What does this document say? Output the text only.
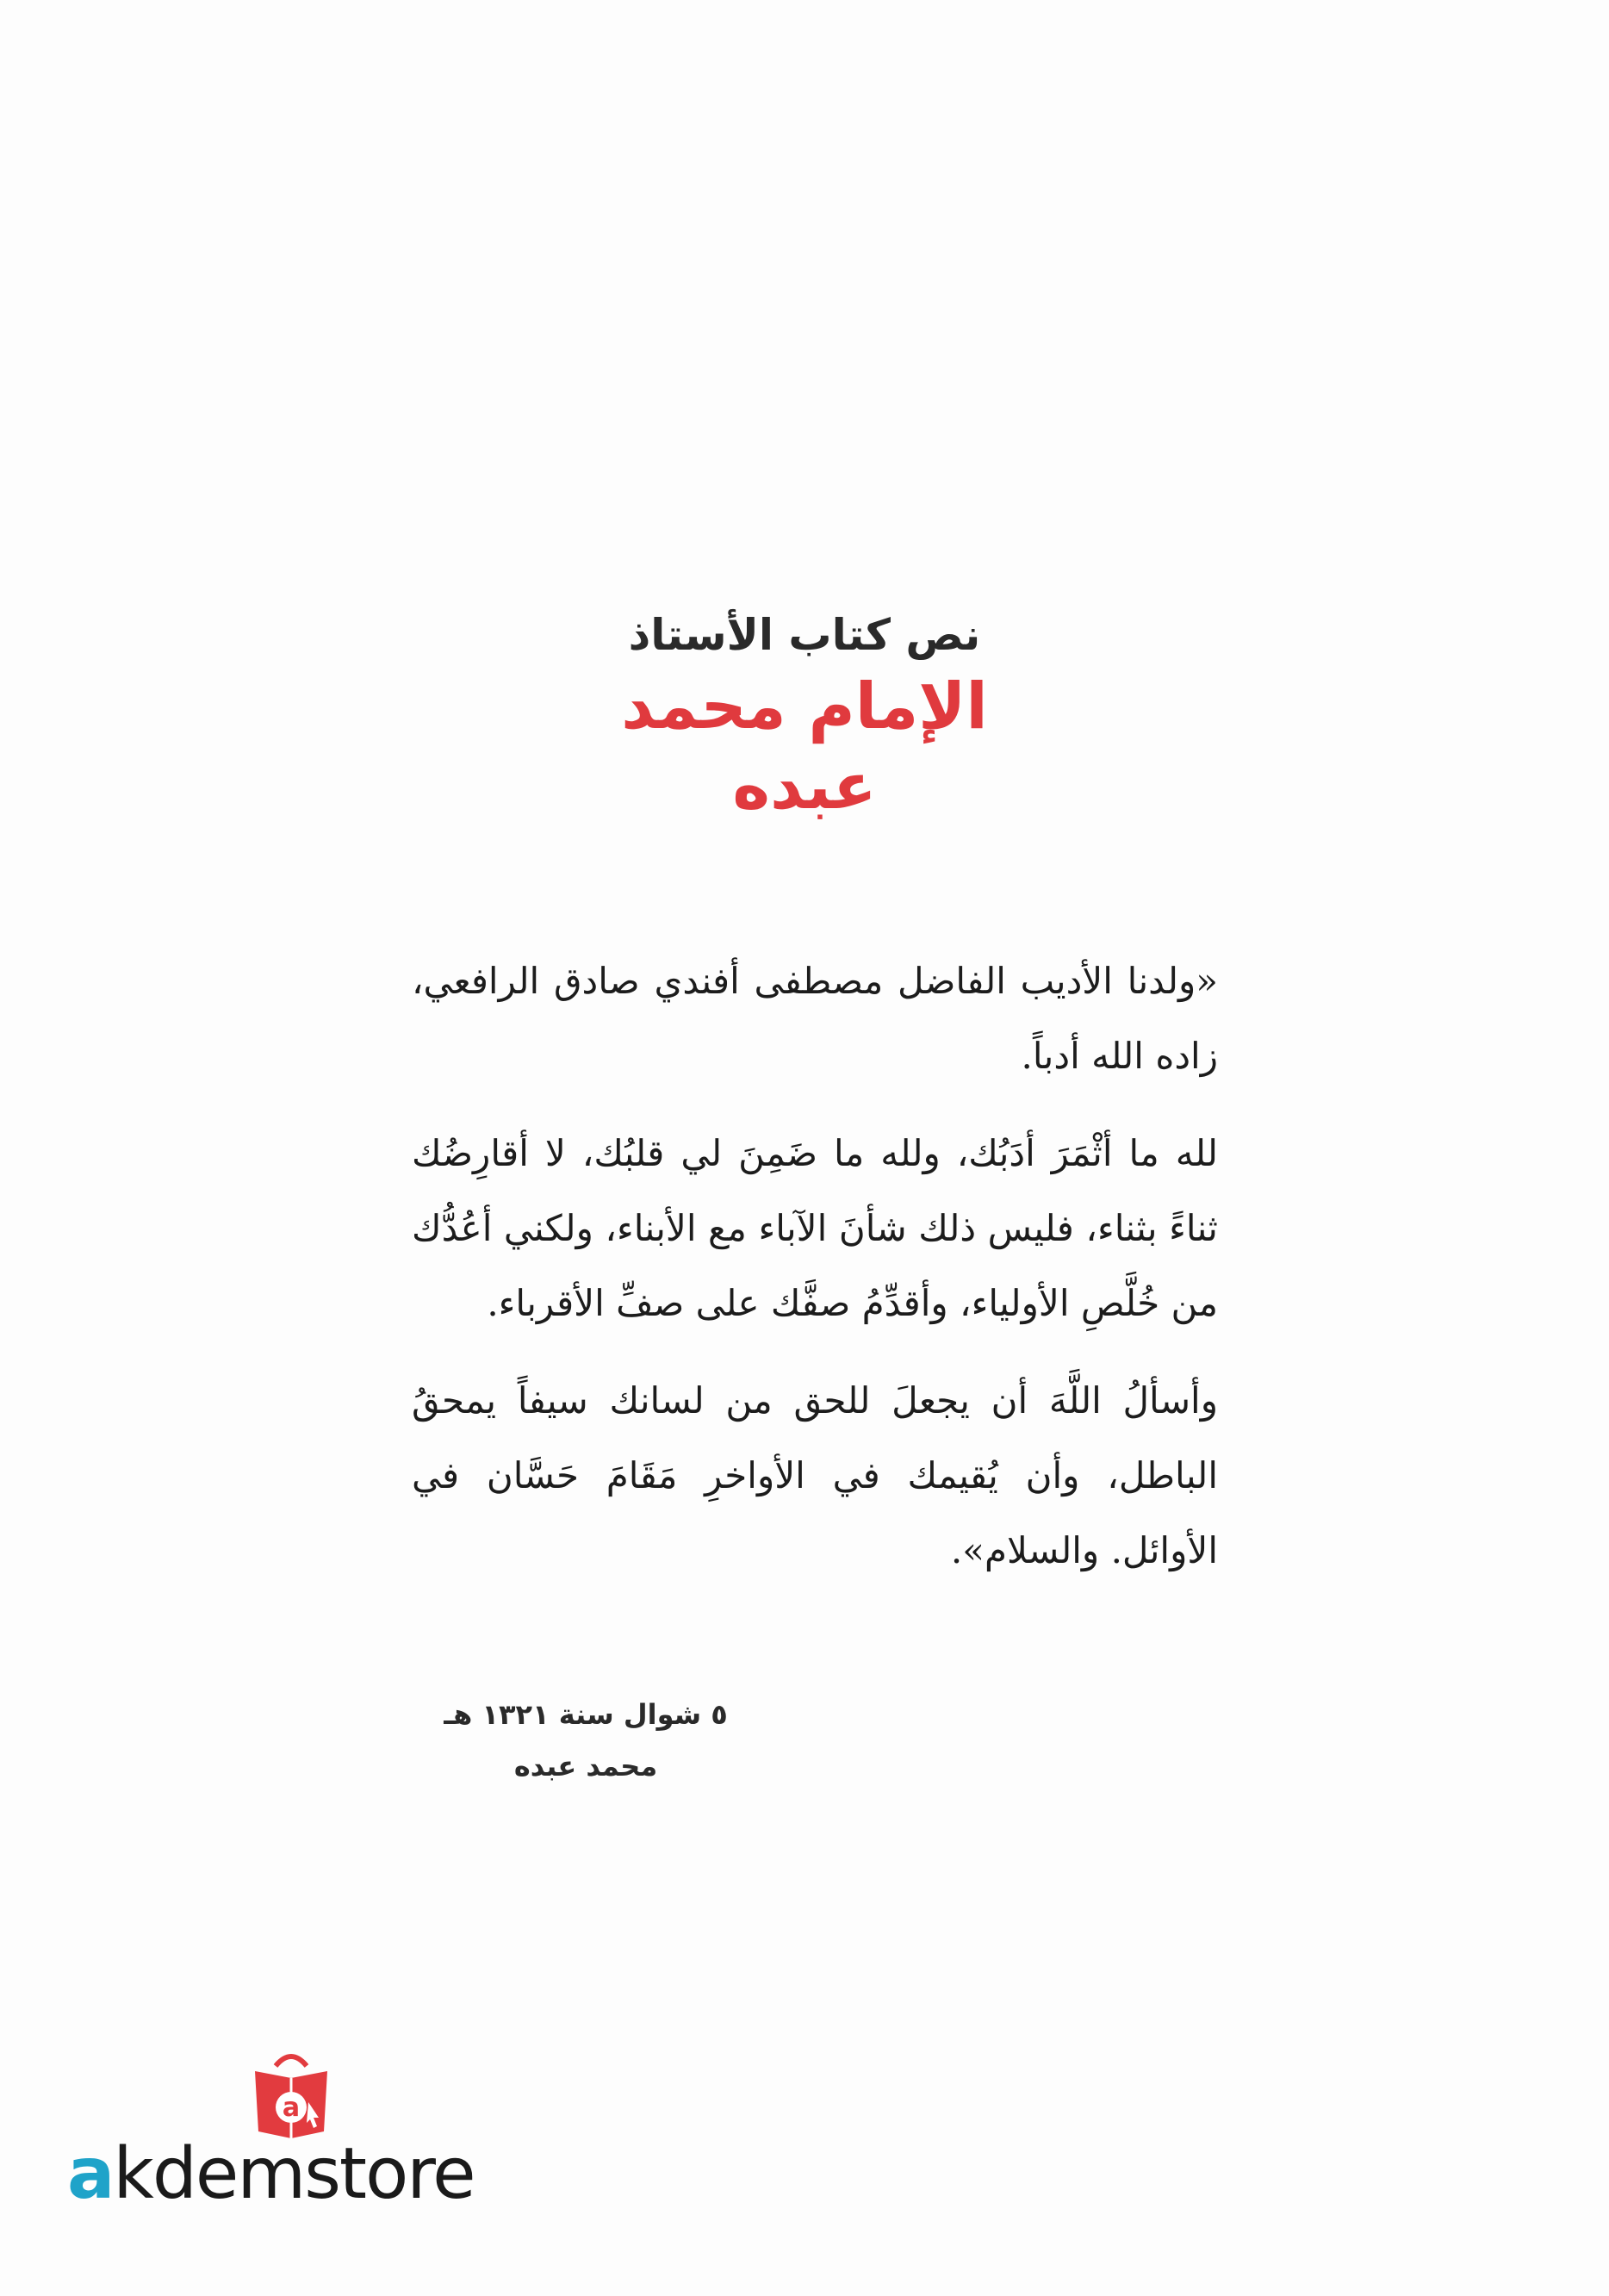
نص كتاب الأستاذ
الإمام محمد عبده

«ولدنا الأديب الفاضل مصطفى أفندي صادق الرافعي، زاده الله أدباً.

لله ما أثْمَرَ أدَبُك، ولله ما ضَمِنَ لي قلبُك، لا أقارِضُك ثناءً بثناء، فليس ذلك شأنَ الآباء مع الأبناء، ولكني أعُدُّك من خُلَّصِ الأولياء، وأقدِّمُ صفَّك على صفِّ الأقرباء.

وأسألُ اللَّهَ أن يجعلَ للحق من لسانك سيفاً يمحقُ الباطل، وأن يُقيمك في الأواخرِ مَقَامَ حَسَّان في الأوائل. والسلام».

٥ شوال سنة ١٣٢١ هـ
محمد عبده
a
akdemstore
